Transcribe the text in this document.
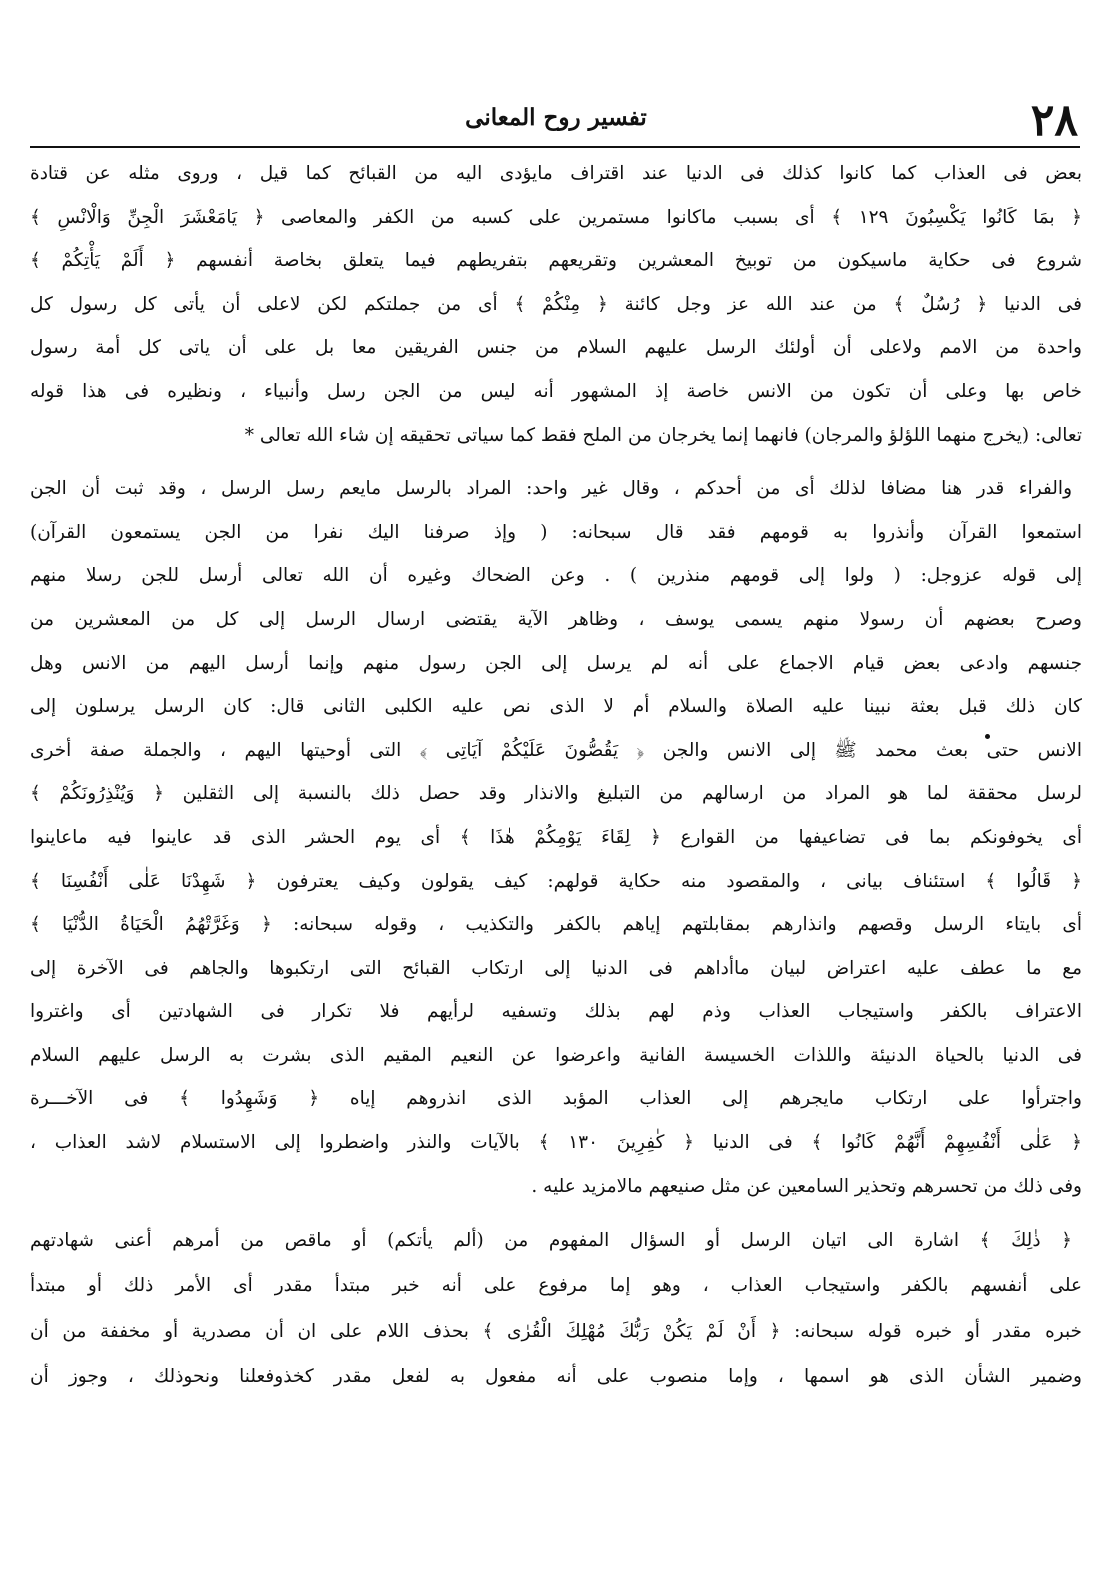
٢٨
تفسير روح المعانى
بعض فى العذاب كما كانوا كذلك فى الدنيا عند اقتراف مايؤدى اليه من القبائح كما قيل ، وروى مثله عن قتادة
﴿ بمَا كَانُوا يَكْسِبُونَ ١٢٩ ﴾ أى بسبب ماكانوا مستمرين على كسبه من الكفر والمعاصى ﴿ يَامَعْشَرَ الْجِنِّ وَالْانْسِ ﴾
شروع فى حكاية ماسيكون من توبيخ المعشرين وتقريعهم بتفريطهم فيما يتعلق بخاصة أنفسهم ﴿ أَلَمْ يَأْتِكُمْ ﴾
فى الدنيا ﴿ رُسُلٌ ﴾ من عند الله عز وجل كائنة ﴿ مِنْكُمْ ﴾ أى من جملتكم لكن لاعلى أن يأتى كل رسول كل
واحدة من الامم ولاعلى أن أولئك الرسل عليهم السلام من جنس الفريقين معا بل على أن ياتى كل أمة رسول
خاص بها وعلى أن تكون من الانس خاصة إذ المشهور أنه ليس من الجن رسل وأنبياء ، ونظيره فى هذا قوله
تعالى: (يخرج منهما اللؤلؤ والمرجان) فانهما إنما يخرجان من الملح فقط كما سياتى تحقيقه إن شاء الله تعالى *
والفراء قدر هنا مضافا لذلك أى من أحدكم ، وقال غير واحد: المراد بالرسل مايعم رسل الرسل ، وقد ثبت أن الجن
استمعوا القرآن وأنذروا به قومهم فقد قال سبحانه: ( وإذ صرفنا اليك نفرا من الجن يستمعون القرآن)
إلى قوله عزوجل: ( ولوا إلى قومهم منذرين ) . وعن الضحاك وغيره أن الله تعالى أرسل للجن رسلا منهم
وصرح بعضهم أن رسولا منهم يسمى يوسف ، وظاهر الآية يقتضى ارسال الرسل إلى كل من المعشرين من
جنسهم وادعى بعض قيام الاجماع على أنه لم يرسل إلى الجن رسول منهم وإنما أرسل اليهم من الانس وهل
كان ذلك قبل بعثة نبينا عليه الصلاة والسلام أم لا الذى نص عليه الكلبى الثانى قال: كان الرسل يرسلون إلى
الانس حتى بعث محمد ﷺ إلى الانس والجن ﴿ يَقُصُّونَ عَلَيْكُمْ آيَاتِى ﴾ التى أوحيتها اليهم ، والجملة صفة أخرى
لرسل محققة لما هو المراد من ارسالهم من التبليغ والانذار وقد حصل ذلك بالنسبة إلى الثقلين ﴿ وَيُنْذِرُونَكُمْ ﴾
أى يخوفونكم بما فى تضاعيفها من القوارع ﴿ لِقَاءَ يَوْمِكُمْ هٰذَا ﴾ أى يوم الحشر الذى قد عاينوا فيه ماعاينوا
﴿ قَالُوا ﴾ استئناف بيانى ، والمقصود منه حكاية قولهم: كيف يقولون وكيف يعترفون ﴿ شَهِدْنَا عَلٰى أَنْفُسِنَا ﴾
أى بايتاء الرسل وقصهم وانذارهم بمقابلتهم إياهم بالكفر والتكذيب ، وقوله سبحانه: ﴿ وَغَرَّتْهُمُ الْحَيَاةُ الدُّنْيَا ﴾
مع ما عطف عليه اعتراض لبيان ماأداهم فى الدنيا إلى ارتكاب القبائح التى ارتكبوها والجاهم فى الآخرة إلى
الاعتراف بالكفر واستيجاب العذاب وذم لهم بذلك وتسفيه لرأيهم فلا تكرار فى الشهادتين أى واغتروا
فى الدنيا بالحياة الدنيئة واللذات الخسيسة الفانية واعرضوا عن النعيم المقيم الذى بشرت به الرسل عليهم السلام
واجترأوا على ارتكاب مايجرهم إلى العذاب المؤبد الذى انذروهم إياه ﴿ وَشَهِدُوا ﴾ فى الآخـــرة
﴿ عَلٰى أَنْفُسِهِمْ أَنَّهُمْ كَانُوا ﴾ فى الدنيا ﴿ كٰفِرِينَ ١٣٠ ﴾ بالآيات والنذر واضطروا إلى الاستسلام لاشد العذاب ،
وفى ذلك من تحسرهم وتحذير السامعين عن مثل صنيعهم مالامزيد عليه .
﴿ ذٰلِكَ ﴾ اشارة الى اتيان الرسل أو السؤال المفهوم من (ألم يأتكم) أو ماقص من أمرهم أعنى شهادتهم
على أنفسهم بالكفر واستيجاب العذاب ، وهو إما مرفوع على أنه خبر مبتدأ مقدر أى الأمر ذلك أو مبتدأ
خبره مقدر أو خبره قوله سبحانه: ﴿ أَنْ لَمْ يَكُنْ رَبُّكَ مُهْلِكَ الْقُرٰى ﴾ بحذف اللام على ان أن مصدرية أو مخففة من أن
وضمير الشأن الذى هو اسمها ، وإما منصوب على أنه مفعول به لفعل مقدر كخذوفعلنا ونحوذلك ، وجوز أن
